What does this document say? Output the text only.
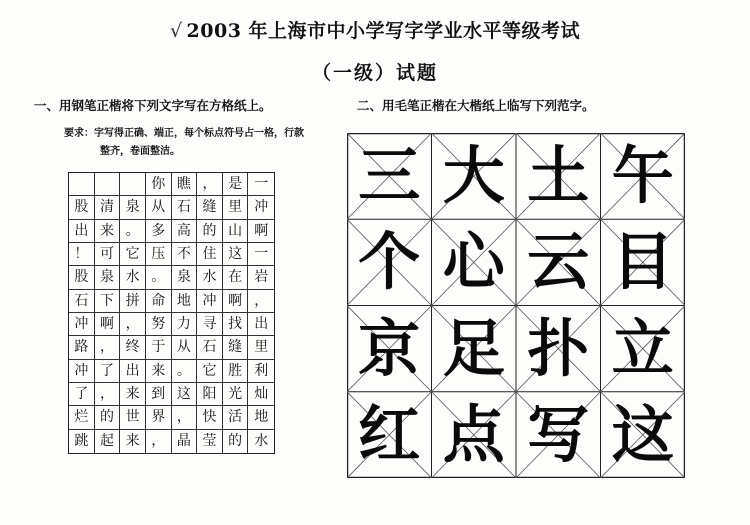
√ 2003 年上海市中小学写字学业水平等级考试
（一级）试题
一、用钢笔正楷将下列文字写在方格纸上。
要求：字写得正确、端正，每个标点符号占一格，行款
整齐，卷面整洁。
你 瞧 ， 是 一
股 清 泉 从 石 缝 里 冲
出 来 。 多 高 的 山 啊
！ 可 它 压 不 住 这 一
股 泉 水 。 泉 水 在 岩
石 下 拼 命 地 冲 啊 ，
冲 啊 ， 努 力 寻 找 出
路 ， 终 于 从 石 缝 里
冲 了 出 来 。 它 胜 利
了 ， 来 到 这 阳 光 灿
烂 的 世 界 ， 快 活 地
跳 起 来 ， 晶 莹 的 水
二、用毛笔正楷在大楷纸上临写下列范字。
三 大 土 午
个 心 云 目
京 足 扑 立
红 点 写 这
